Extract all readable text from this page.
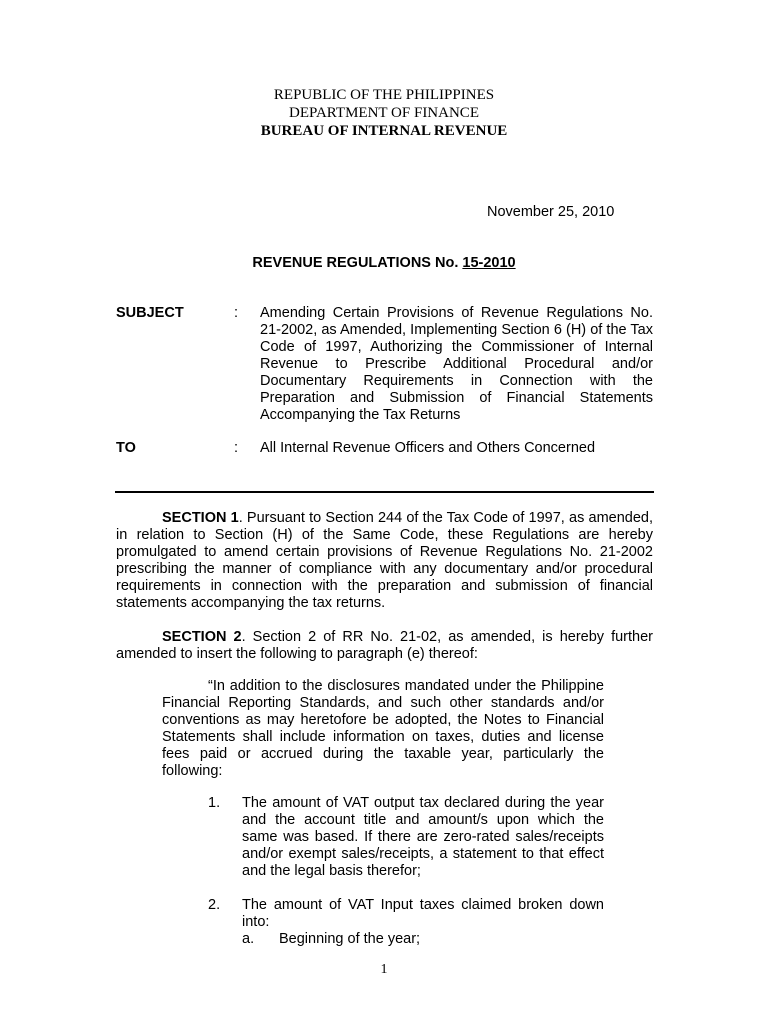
REPUBLIC OF THE PHILIPPINES
DEPARTMENT OF FINANCE
BUREAU OF INTERNAL REVENUE
November 25, 2010
REVENUE REGULATIONS No. 15-2010
SUBJECT	: Amending Certain Provisions of Revenue Regulations No. 21-2002, as Amended, Implementing Section 6 (H) of the Tax Code of 1997, Authorizing the Commissioner of Internal Revenue to Prescribe Additional Procedural and/or Documentary Requirements in Connection with the Preparation and Submission of Financial Statements Accompanying the Tax Returns
TO	: All Internal Revenue Officers and Others Concerned
SECTION 1. Pursuant to Section 244 of the Tax Code of 1997, as amended, in relation to Section (H) of the Same Code, these Regulations are hereby promulgated to amend certain provisions of Revenue Regulations No. 21-2002 prescribing the manner of compliance with any documentary and/or procedural requirements in connection with the preparation and submission of financial statements accompanying the tax returns.
SECTION 2. Section 2 of RR No. 21-02, as amended, is hereby further amended to insert the following to paragraph (e) thereof:
“In addition to the disclosures mandated under the Philippine Financial Reporting Standards, and such other standards and/or conventions as may heretofore be adopted, the Notes to Financial Statements shall include information on taxes, duties and license fees paid or accrued during the taxable year, particularly the following:
1. The amount of VAT output tax declared during the year and the account title and amount/s upon which the same was based. If there are zero-rated sales/receipts and/or exempt sales/receipts, a statement to that effect and the legal basis therefor;
2. The amount of VAT Input taxes claimed broken down into:
a. Beginning of the year;
1
